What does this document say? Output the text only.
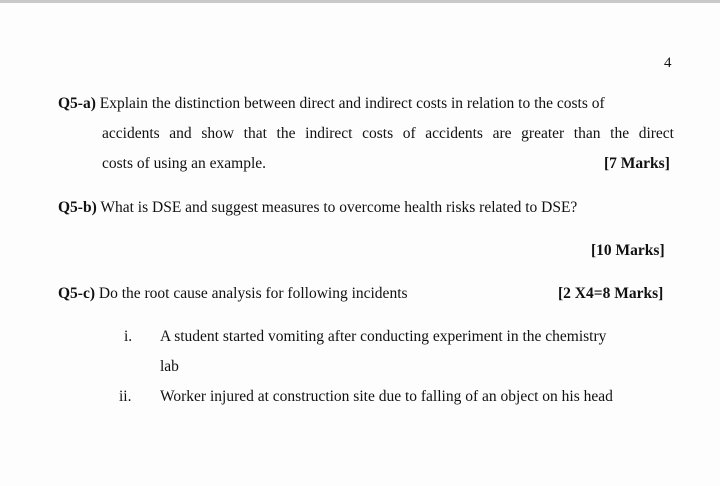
4
Q5-a) Explain the distinction between direct and indirect costs in relation to the costs of
accidents and show that the indirect costs of accidents are greater than the direct
costs of using an example.	[7 Marks]
Q5-b) What is DSE and suggest measures to overcome health risks related to DSE?
[10 Marks]
Q5-c) Do the root cause analysis for following incidents	[2 X4=8 Marks]
i. A student started vomiting after conducting experiment in the chemistry
lab
ii. Worker injured at construction site due to falling of an object on his head
